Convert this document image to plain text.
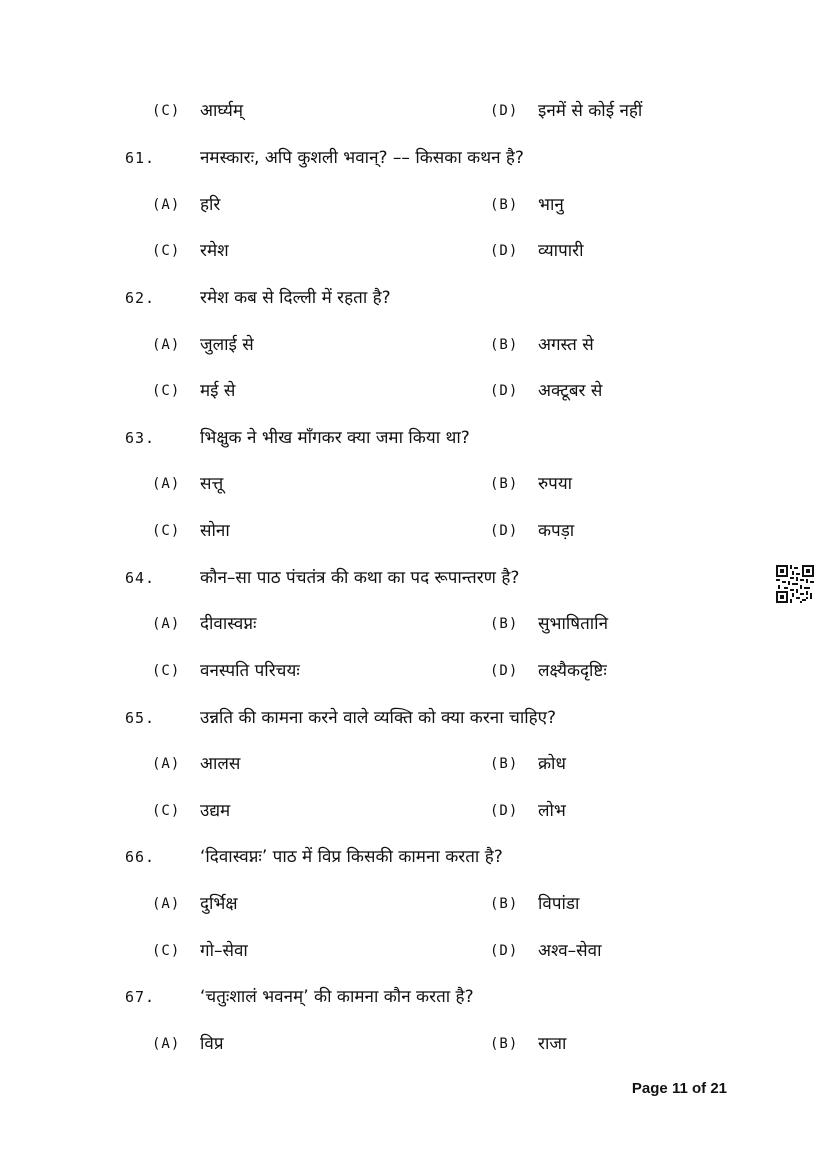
(C) आर्घ्यम्	(D) इनमें से कोई नहीं
61.	नमस्कारः, अपि कुशली भवान्? –– किसका कथन है?
(A) हरि	(B) भानु
(C) रमेश	(D) व्यापारी
62.	रमेश कब से दिल्ली में रहता है?
(A) जुलाई से	(B) अगस्त से
(C) मई से	(D) अक्टूबर से
63.	भिक्षुक ने भीख माँगकर क्या जमा किया था?
(A) सत्तू	(B) रुपया
(C) सोना	(D) कपड़ा
64.	कौन–सा पाठ पंचतंत्र की कथा का पद रूपान्तरण है?
(A) दीवास्वप्नः	(B) सुभाषितानि
(C) वनस्पति परिचयः	(D) लक्ष्यैकदृष्टिः
65.	उन्नति की कामना करने वाले व्यक्ति को क्या करना चाहिए?
(A) आलस	(B) क्रोध
(C) उद्यम	(D) लोभ
66.	‘दिवास्वप्नः’ पाठ में विप्र किसकी कामना करता है?
(A) दुर्भिक्ष	(B) विपांडा
(C) गो–सेवा	(D) अश्व–सेवा
67.	‘चतुःशालं भवनम्’ की कामना कौन करता है?
(A) विप्र	(B) राजा
Page 11 of 21
